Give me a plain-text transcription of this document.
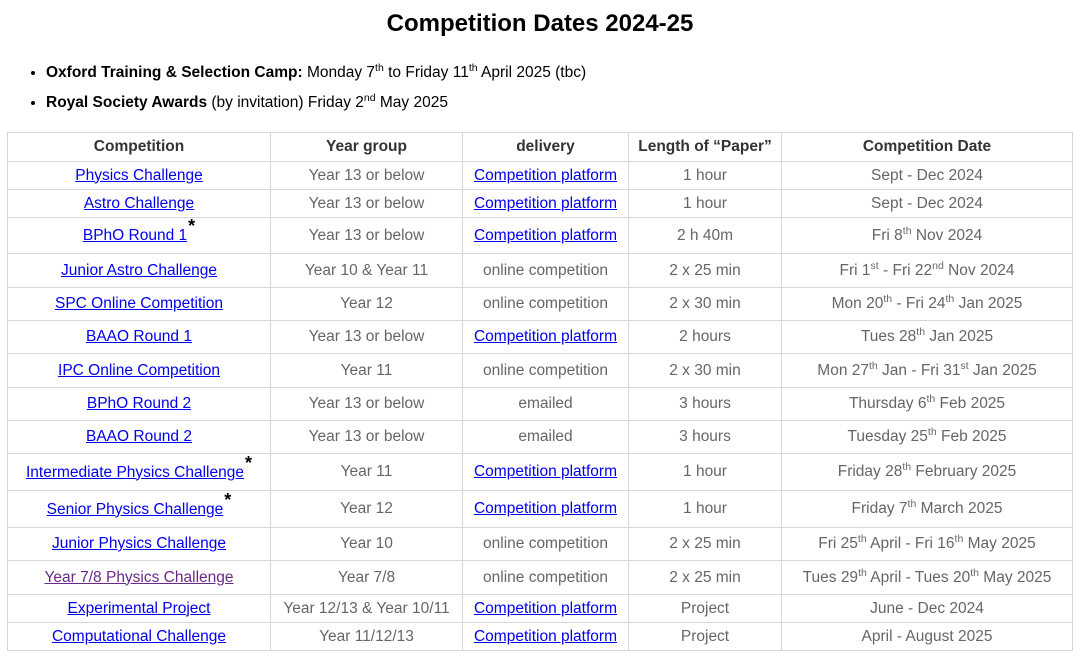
Competition Dates 2024-25
• Oxford Training & Selection Camp: Monday 7th to Friday 11th April 2025 (tbc)
• Royal Society Awards (by invitation) Friday 2nd May 2025
Competition	Year group	delivery	Length of “Paper”	Competition Date
Physics Challenge	Year 13 or below	Competition platform	1 hour	Sept - Dec 2024
Astro Challenge	Year 13 or below	Competition platform	1 hour	Sept - Dec 2024
BPhO Round 1*	Year 13 or below	Competition platform	2 h 40m	Fri 8th Nov 2024
Junior Astro Challenge	Year 10 & Year 11	online competition	2 x 25 min	Fri 1st - Fri 22nd Nov 2024
SPC Online Competition	Year 12	online competition	2 x 30 min	Mon 20th - Fri 24th Jan 2025
BAAO Round 1	Year 13 or below	Competition platform	2 hours	Tues 28th Jan 2025
IPC Online Competition	Year 11	online competition	2 x 30 min	Mon 27th Jan - Fri 31st Jan 2025
BPhO Round 2	Year 13 or below	emailed	3 hours	Thursday 6th Feb 2025
BAAO Round 2	Year 13 or below	emailed	3 hours	Tuesday 25th Feb 2025
Intermediate Physics Challenge*	Year 11	Competition platform	1 hour	Friday 28th February 2025
Senior Physics Challenge*	Year 12	Competition platform	1 hour	Friday 7th March 2025
Junior Physics Challenge	Year 10	online competition	2 x 25 min	Fri 25th April - Fri 16th May 2025
Year 7/8 Physics Challenge	Year 7/8	online competition	2 x 25 min	Tues 29th April - Tues 20th May 2025
Experimental Project	Year 12/13 & Year 10/11	Competition platform	Project	June - Dec 2024
Computational Challenge	Year 11/12/13	Competition platform	Project	April - August 2025
